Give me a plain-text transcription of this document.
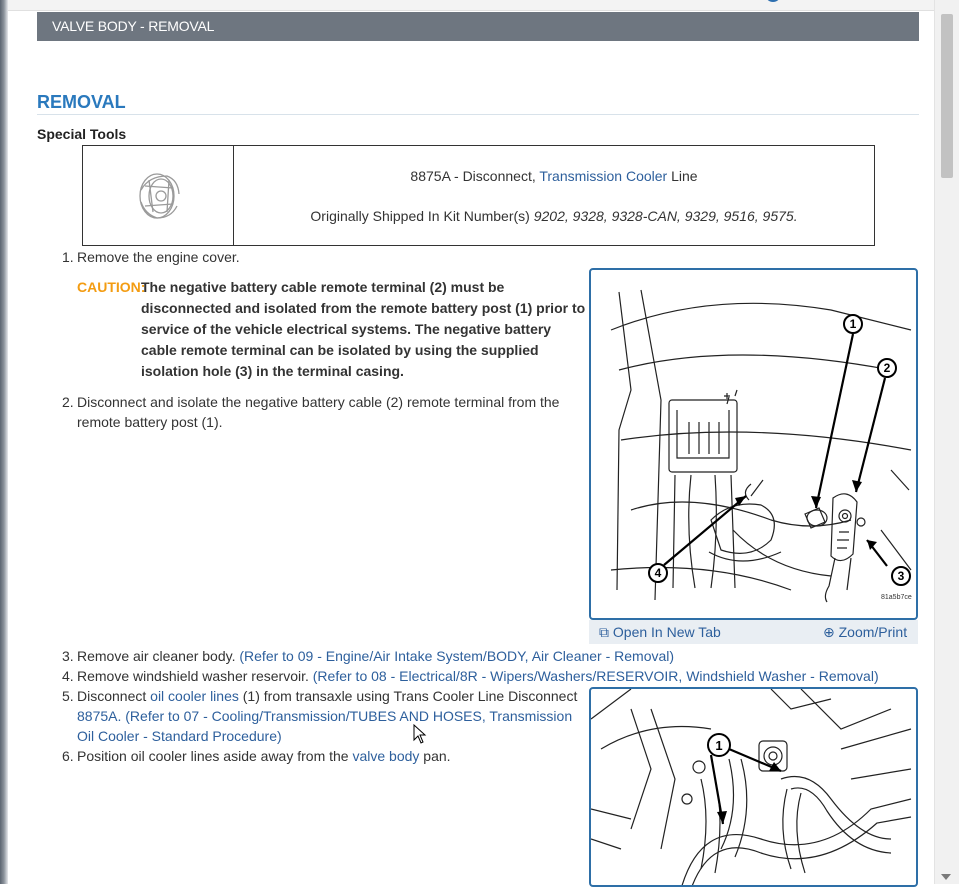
VALVE BODY - REMOVAL
REMOVAL
Special Tools
8875A - Disconnect, Transmission Cooler Line
Originally Shipped In Kit Number(s) 9202, 9328, 9328-CAN, 9329, 9516, 9575.
1. Remove the engine cover.
CAUTION:
The negative battery cable remote terminal (2) must be disconnected and isolated from the remote battery post (1) prior to service of the vehicle electrical systems. The negative battery cable remote terminal can be isolated by using the supplied isolation hole (3) in the terminal casing.
2. Disconnect and isolate the negative battery cable (2) remote terminal from the remote battery post (1).
1
2
3
4
81a5b7ce
⧉ Open In New Tab	⊕ Zoom/Print
3. Remove air cleaner body. (Refer to 09 - Engine/Air Intake System/BODY, Air Cleaner - Removal)
4. Remove windshield washer reservoir. (Refer to 08 - Electrical/8R - Wipers/Washers/RESERVOIR, Windshield Washer - Removal)
5. Disconnect oil cooler lines (1) from transaxle using Trans Cooler Line Disconnect 8875A. (Refer to 07 - Cooling/Transmission/TUBES AND HOSES, Transmission Oil Cooler - Standard Procedure)
6. Position oil cooler lines aside away from the valve body pan.
1
